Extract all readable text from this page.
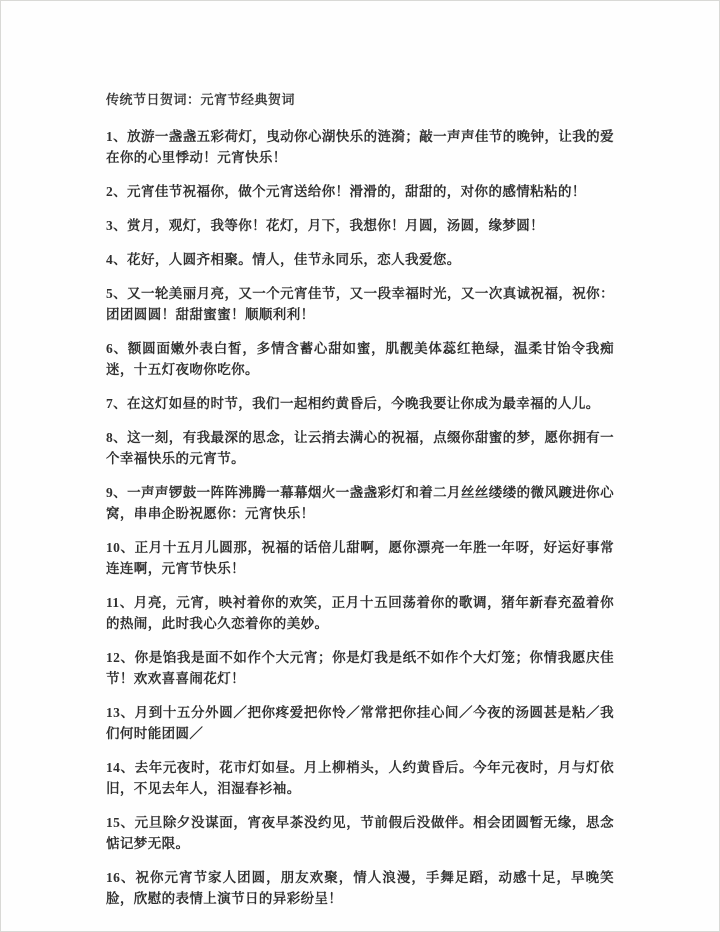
传统节日贺词：元宵节经典贺词

1、放游一盏盏五彩荷灯，曳动你心湖快乐的涟漪；敲一声声佳节的晚钟，让我的爱在你的心里悸动！元宵快乐！

2、元宵佳节祝福你，做个元宵送给你！滑滑的，甜甜的，对你的感情粘粘的！

3、赏月，观灯，我等你！花灯，月下，我想你！月圆，汤圆，缘梦圆！

4、花好，人圆齐相聚。情人，佳节永同乐，恋人我爱您。

5、又一轮美丽月亮，又一个元宵佳节，又一段幸福时光，又一次真诚祝福，祝你：团团圆圆！甜甜蜜蜜！顺顺利利！

6、额圆面嫩外表白皙，多情含蓄心甜如蜜，肌靓美体蕊红艳绿，温柔甘饴令我痴迷，十五灯夜吻你吃你。

7、在这灯如昼的时节，我们一起相约黄昏后，今晚我要让你成为最幸福的人儿。

8、这一刻，有我最深的思念，让云捎去满心的祝福，点缀你甜蜜的梦，愿你拥有一个幸福快乐的元宵节。

9、一声声锣鼓一阵阵沸腾一幕幕烟火一盏盏彩灯和着二月丝丝缕缕的微风踱进你心窝，串串企盼祝愿你：元宵快乐！

10、正月十五月儿圆那，祝福的话倍儿甜啊，愿你漂亮一年胜一年呀，好运好事常连连啊，元宵节快乐！

11、月亮，元宵，映衬着你的欢笑，正月十五回荡着你的歌调，猪年新春充盈着你的热闹，此时我心久恋着你的美妙。

12、你是馅我是面不如作个大元宵；你是灯我是纸不如作个大灯笼；你情我愿庆佳节！欢欢喜喜闹花灯！

13、月到十五分外圆／把你疼爱把你怜／常常把你挂心间／今夜的汤圆甚是粘／我们何时能团圆／

14、去年元夜时，花市灯如昼。月上柳梢头，人约黄昏后。今年元夜时，月与灯依旧，不见去年人，泪湿春衫袖。

15、元旦除夕没谋面，宵夜早茶没约见，节前假后没做伴。相会团圆暂无缘，思念惦记梦无限。

16、祝你元宵节家人团圆，朋友欢聚，情人浪漫，手舞足蹈，动感十足，早晚笑脸，欣慰的表情上演节日的异彩纷呈！
